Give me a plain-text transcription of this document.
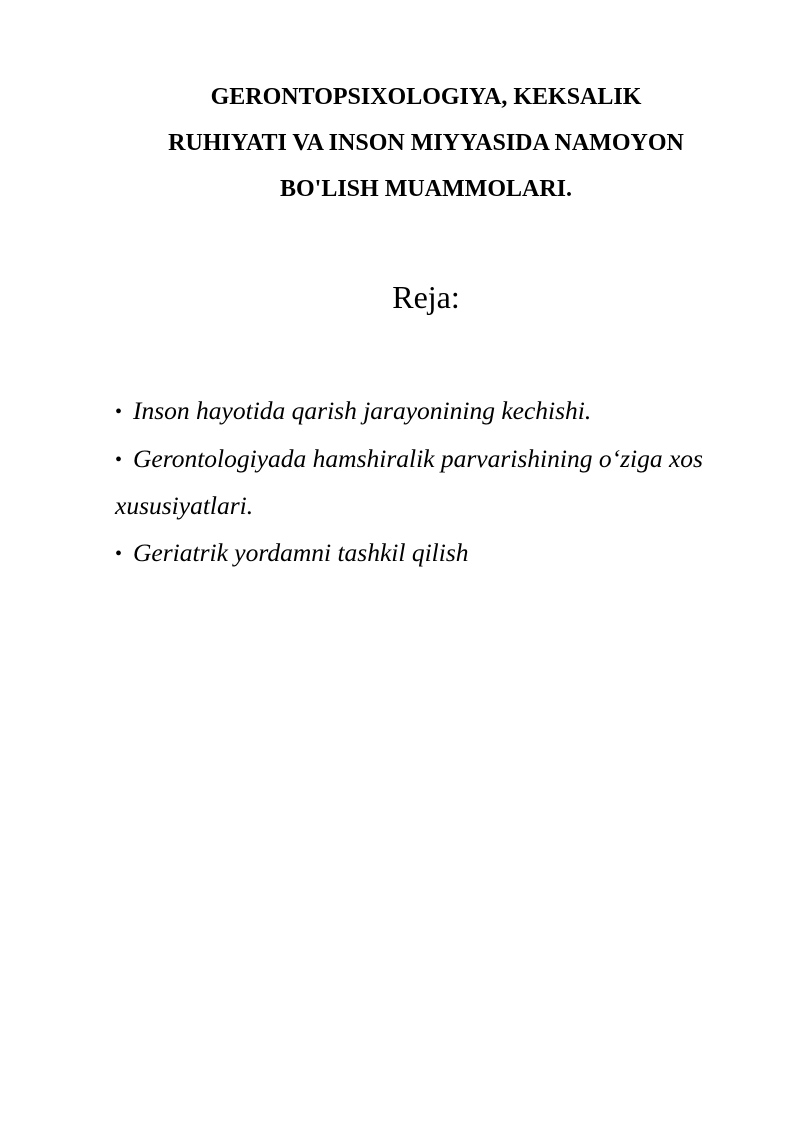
GERONTOPSIXOLOGIYA, KEKSALIK
RUHIYATI VA INSON MIYYASIDA NAMOYON
BO'LISH MUAMMOLARI.
Reja:
• Inson hayotida qarish jarayonining kechishi.
• Gerontologiyada hamshiralik parvarishining o‘ziga xos xususiyatlari.
• Geriatrik yordamni tashkil qilish
